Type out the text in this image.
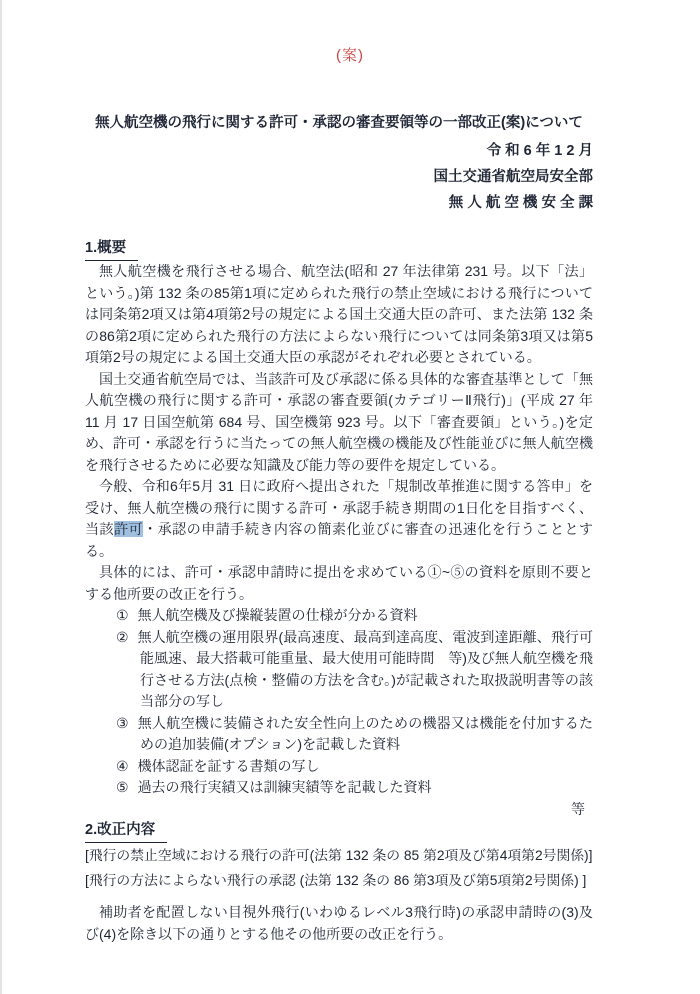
(案)
無人航空機の飛行に関する許可・承認の審査要領等の一部改正(案)について
令 和 6 年 1 2 月
国土交通省航空局安全部
無 人 航 空 機 安 全 課
1.概要

無人航空機を飛行させる場合、航空法(昭和 27 年法律第 231 号。以下「法」 という。)第 132 条の85第1項に定められた飛行の禁止空域における飛行については同条第2項又は第4項第2号の規定による国土交通大臣の許可、また法第 132 条の86第2項に定められた飛行の方法によらない飛行については同条第3項又は第5項第2号の規定による国土交通大臣の承認がそれぞれ必要とされている。

国土交通省航空局では、当該許可及び承認に係る具体的な審査基準として「無人航空機の飛行に関する許可・承認の審査要領(カテゴリーⅡ飛行)」(平成 27 年 11 月 17 日国空航第 684 号、国空機第 923 号。以下「審査要領」という。)を定め、許可・承認を行うに当たっての無人航空機の機能及び性能並びに無人航空機を飛行させるために必要な知識及び能力等の要件を規定している。

今般、令和6年5月 31 日に政府へ提出された「規制改革推進に関する答申」を受け、無人航空機の飛行に関する許可・承認手続き期間の1日化を目指すべく、当該許可・承認の申請手続き内容の簡素化並びに審査の迅速化を行うこととする。

具体的には、許可・承認申請時に提出を求めている①~⑤の資料を原則不要とする他所要の改正を行う。

① 無人航空機及び操縦装置の仕様が分かる資料
② 無人航空機の運用限界(最高速度、最高到達高度、電波到達距離、飛行可能風速、最大搭載可能重量、最大使用可能時間　等)及び無人航空機を飛行させる方法(点検・整備の方法を含む。)が記載された取扱説明書等の該当部分の写し
③ 無人航空機に装備された安全性向上のための機器又は機能を付加するための追加装備(オプション)を記載した資料
④ 機体認証を証する書類の写し
⑤ 過去の飛行実績又は訓練実績等を記載した資料
等
2.改正内容
[飛行の禁止空域における飛行の許可(法第 132 条の 85 第2項及び第4項第2号関係)]
[飛行の方法によらない飛行の承認 (法第 132 条の 86 第3項及び第5項第2号関係) ]

補助者を配置しない目視外飛行(いわゆるレベル3飛行時)の承認申請時の(3)及び(4)を除き以下の通りとする他その他所要の改正を行う。
